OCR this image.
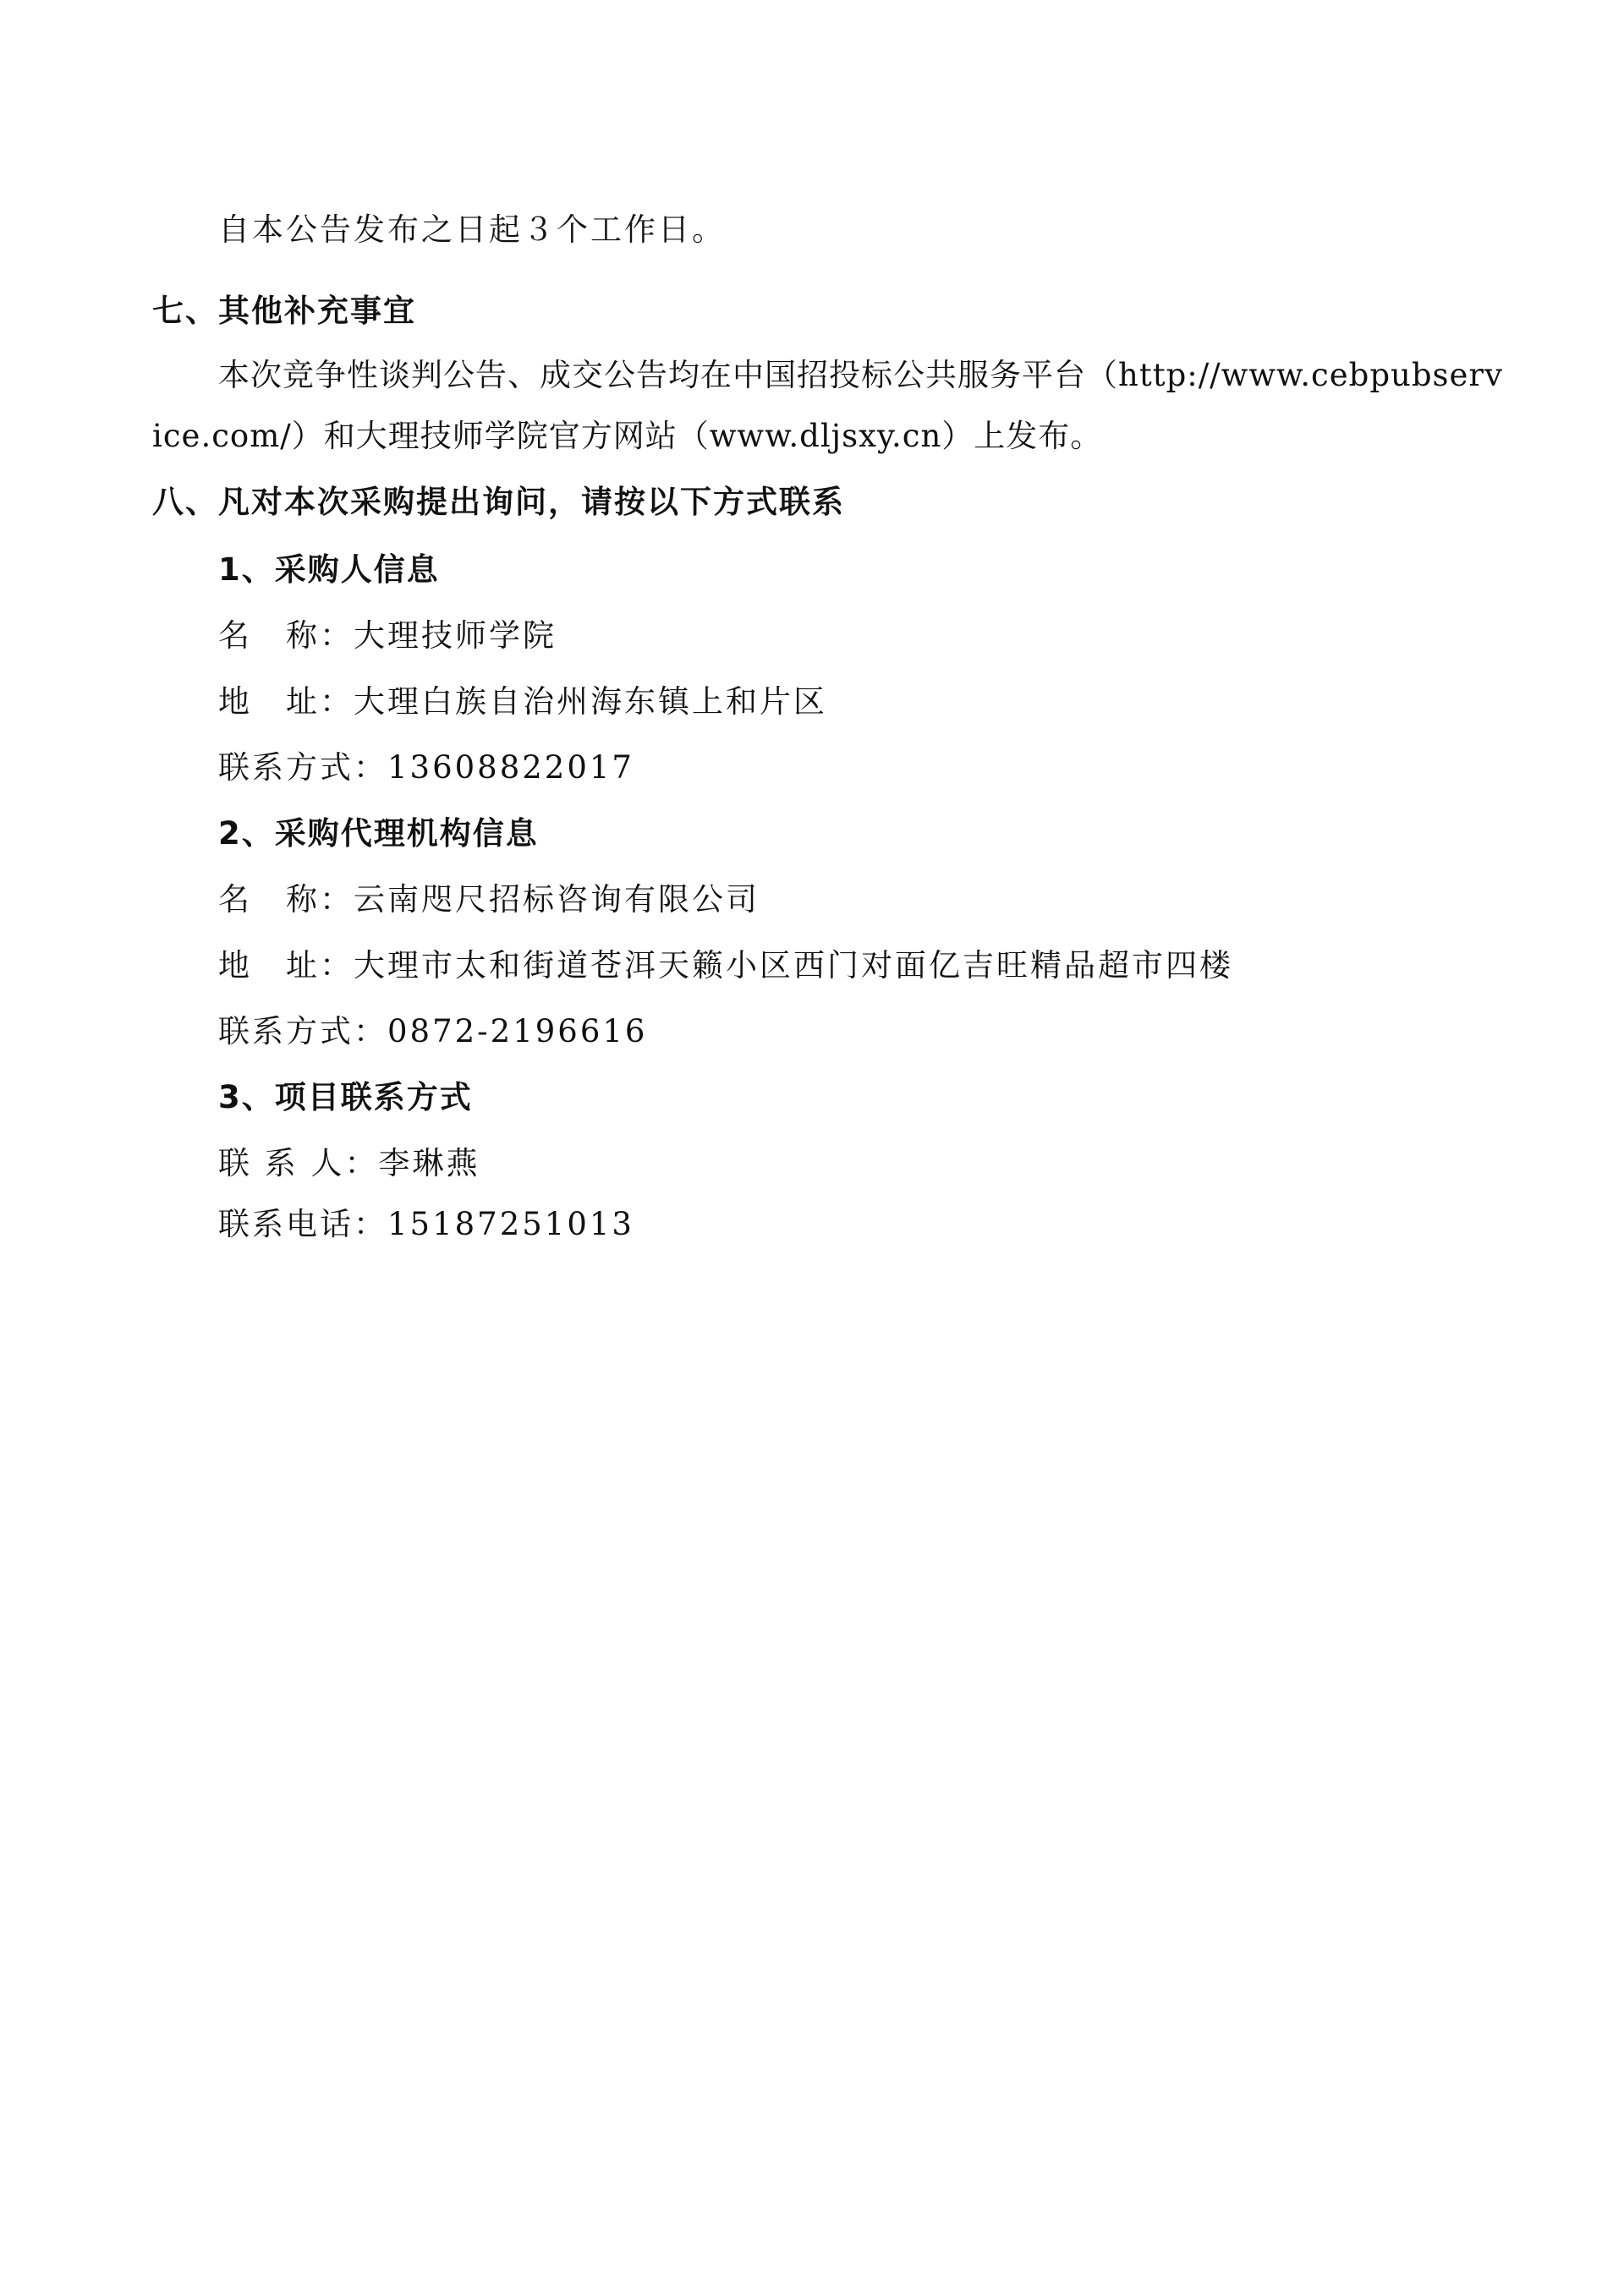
自本公告发布之日起３个工作日。
七、其他补充事宜
本次竞争性谈判公告、成交公告均在中国招投标公共服务平台（http://www.cebpubserv
ice.com/）和大理技师学院官方网站（www.dljsxy.cn）上发布。
八、凡对本次采购提出询问，请按以下方式联系
1、采购人信息
名　称：大理技师学院
地　址：大理白族自治州海东镇上和片区
联系方式：13608822017
2、采购代理机构信息
名　称：云南咫尺招标咨询有限公司
地　址：大理市太和街道苍洱天籁小区西门对面亿吉旺精品超市四楼
联系方式：0872-2196616
3、项目联系方式
联 系 人：李琳燕
联系电话：15187251013
